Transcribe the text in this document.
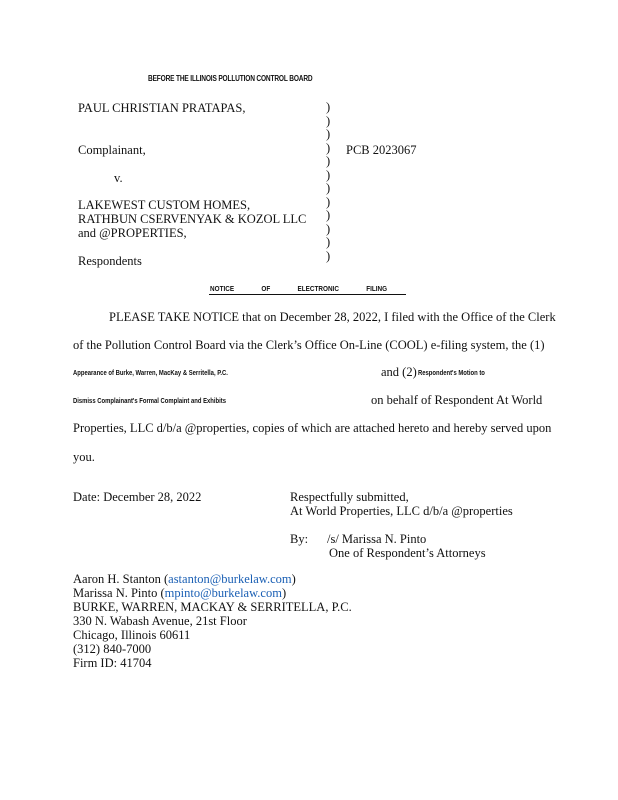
BEFORE THE ILLINOIS POLLUTION CONTROL BOARD
PAUL CHRISTIAN PRATAPAS,
Complainant,
v.
LAKEWEST CUSTOM HOMES,
RATHBUN CSERVENYAK & KOZOL LLC
and @PROPERTIES,
Respondents
)
)
)
)
)
)
)
)
)
)
)
)
PCB 2023067
NOTICE OF ELECTRONIC FILING
PLEASE TAKE NOTICE that on December 28, 2022, I filed with the Office of the Clerk
of the Pollution Control Board via the Clerk’s Office On-Line (COOL) e-filing system, the (1)
Appearance of Burke, Warren, MacKay & Serritella, P.C.	and (2) Respondent's Motion to
Dismiss Complainant's Formal Complaint and Exhibits	on behalf of Respondent At World
Properties, LLC d/b/a @properties, copies of which are attached hereto and hereby served upon
you.
Date: December 28, 2022	Respectfully submitted,
At World Properties, LLC d/b/a @properties
By: /s/ Marissa N. Pinto
One of Respondent’s Attorneys
Aaron H. Stanton (astanton@burkelaw.com)
Marissa N. Pinto (mpinto@burkelaw.com)
BURKE, WARREN, MACKAY & SERRITELLA, P.C.
330 N. Wabash Avenue, 21st Floor
Chicago, Illinois 60611
(312) 840-7000
Firm ID: 41704
